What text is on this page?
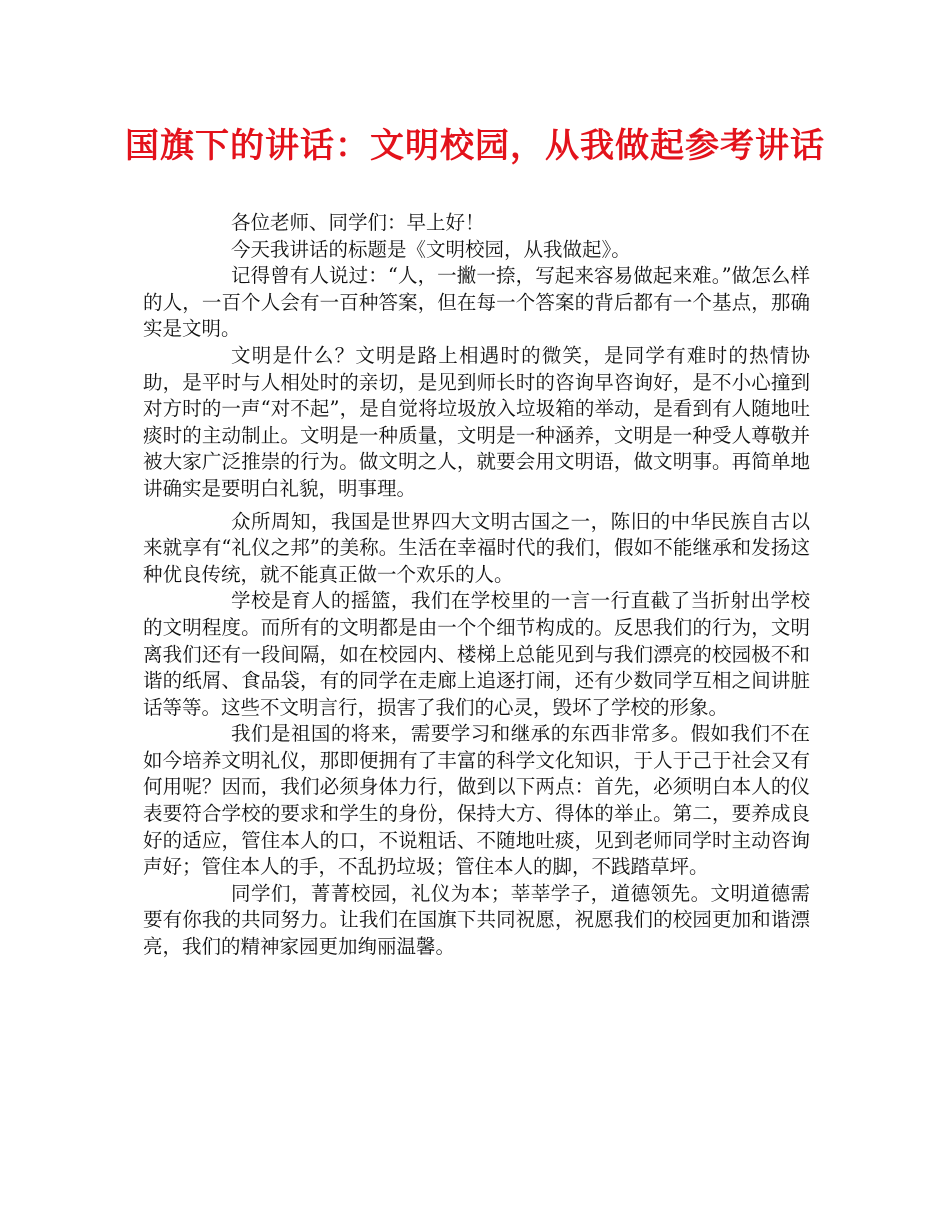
国旗下的讲话：文明校园，从我做起参考讲话

各位老师、同学们：早上好！

今天我讲话的标题是《文明校园，从我做起》。

记得曾有人说过：“人，一撇一捺，写起来容易做起来难。”做怎么样的人，一百个人会有一百种答案，但在每一个答案的背后都有一个基点，那确实是文明。

文明是什么？文明是路上相遇时的微笑，是同学有难时的热情协助，是平时与人相处时的亲切，是见到师长时的咨询早咨询好，是不小心撞到对方时的一声“对不起”，是自觉将垃圾放入垃圾箱的举动，是看到有人随地吐痰时的主动制止。文明是一种质量，文明是一种涵养，文明是一种受人尊敬并被大家广泛推崇的行为。做文明之人，就要会用文明语，做文明事。再简单地讲确实是要明白礼貌，明事理。

众所周知，我国是世界四大文明古国之一，陈旧的中华民族自古以来就享有“礼仪之邦”的美称。生活在幸福时代的我们，假如不能继承和发扬这种优良传统，就不能真正做一个欢乐的人。

学校是育人的摇篮，我们在学校里的一言一行直截了当折射出学校的文明程度。而所有的文明都是由一个个细节构成的。反思我们的行为，文明离我们还有一段间隔，如在校园内、楼梯上总能见到与我们漂亮的校园极不和谐的纸屑、食品袋，有的同学在走廊上追逐打闹，还有少数同学互相之间讲脏话等等。这些不文明言行，损害了我们的心灵，毁坏了学校的形象。

我们是祖国的将来，需要学习和继承的东西非常多。假如我们不在如今培养文明礼仪，那即便拥有了丰富的科学文化知识，于人于己于社会又有何用呢？因而，我们必须身体力行，做到以下两点：首先，必须明白本人的仪表要符合学校的要求和学生的身份，保持大方、得体的举止。第二，要养成良好的适应，管住本人的口，不说粗话、不随地吐痰，见到老师同学时主动咨询声好；管住本人的手，不乱扔垃圾；管住本人的脚，不践踏草坪。

同学们，菁菁校园，礼仪为本；莘莘学子，道德领先。文明道德需要有你我的共同努力。让我们在国旗下共同祝愿，祝愿我们的校园更加和谐漂亮，我们的精神家园更加绚丽温馨。
